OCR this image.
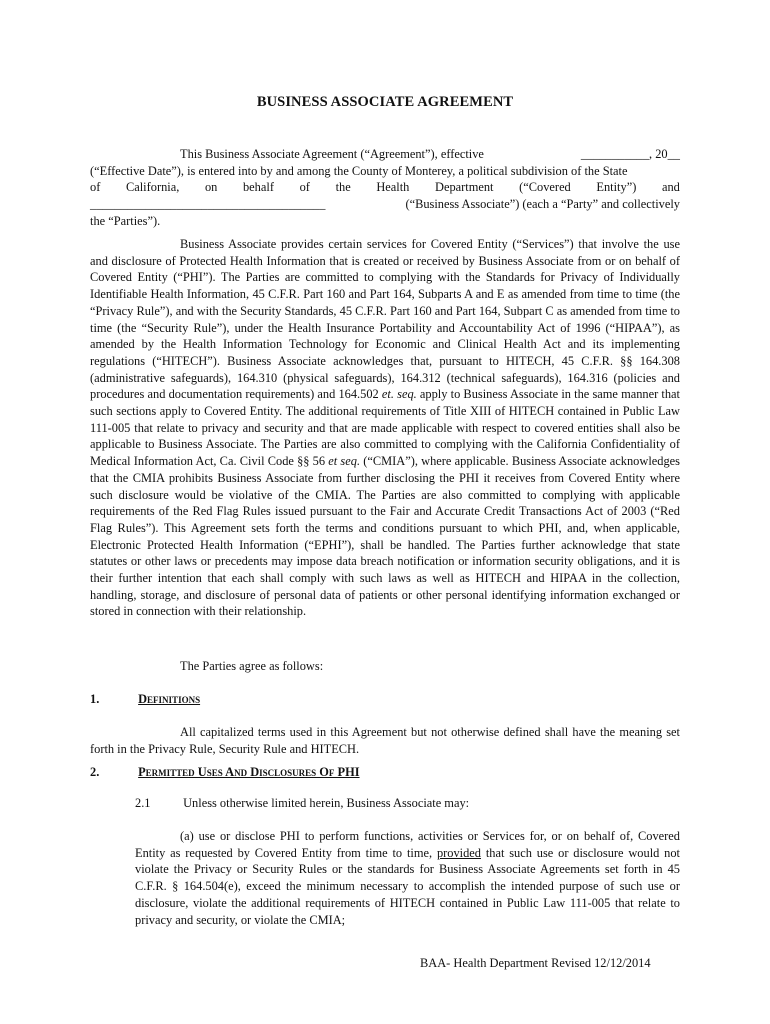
BUSINESS ASSOCIATE AGREEMENT
This Business Associate Agreement (“Agreement”), effective	___________, 20__
(“Effective Date”), is entered into by and among the County of Monterey, a political subdivision of the State
of California, on behalf of the Health Department (“Covered Entity”) and
______________________________________	(“Business Associate”) (each a “Party” and collectively
the “Parties”).
Business Associate provides certain services for Covered Entity (“Services”) that involve the use and disclosure of Protected Health Information that is created or received by Business Associate from or on behalf of Covered Entity (“PHI”). The Parties are committed to complying with the Standards for Privacy of Individually Identifiable Health Information, 45 C.F.R. Part 160 and Part 164, Subparts A and E as amended from time to time (the “Privacy Rule”), and with the Security Standards, 45 C.F.R. Part 160 and Part 164, Subpart C as amended from time to time (the “Security Rule”), under the Health Insurance Portability and Accountability Act of 1996 (“HIPAA”), as amended by the Health Information Technology for Economic and Clinical Health Act and its implementing regulations (“HITECH”). Business Associate acknowledges that, pursuant to HITECH, 45 C.F.R. §§ 164.308 (administrative safeguards), 164.310 (physical safeguards), 164.312 (technical safeguards), 164.316 (policies and procedures and documentation requirements) and 164.502 et. seq. apply to Business Associate in the same manner that such sections apply to Covered Entity. The additional requirements of Title XIII of HITECH contained in Public Law 111-005 that relate to privacy and security and that are made applicable with respect to covered entities shall also be applicable to Business Associate. The Parties are also committed to complying with the California Confidentiality of Medical Information Act, Ca. Civil Code §§ 56 et seq. (“CMIA”), where applicable. Business Associate acknowledges that the CMIA prohibits Business Associate from further disclosing the PHI it receives from Covered Entity where such disclosure would be violative of the CMIA. The Parties are also committed to complying with applicable requirements of the Red Flag Rules issued pursuant to the Fair and Accurate Credit Transactions Act of 2003 (“Red Flag Rules”). This Agreement sets forth the terms and conditions pursuant to which PHI, and, when applicable, Electronic Protected Health Information (“EPHI”), shall be handled. The Parties further acknowledge that state statutes or other laws or precedents may impose data breach notification or information security obligations, and it is their further intention that each shall comply with such laws as well as HITECH and HIPAA in the collection, handling, storage, and disclosure of personal data of patients or other personal identifying information exchanged or stored in connection with their relationship.
The Parties agree as follows:
1.	Definitions
All capitalized terms used in this Agreement but not otherwise defined shall have the meaning set forth in the Privacy Rule, Security Rule and HITECH.
2.	Permitted Uses And Disclosures Of PHI
2.1	Unless otherwise limited herein, Business Associate may:
(a) use or disclose PHI to perform functions, activities or Services for, or on behalf of, Covered Entity as requested by Covered Entity from time to time, provided that such use or disclosure would not violate the Privacy or Security Rules or the standards for Business Associate Agreements set forth in 45 C.F.R. § 164.504(e), exceed the minimum necessary to accomplish the intended purpose of such use or disclosure, violate the additional requirements of HITECH contained in Public Law 111-005 that relate to privacy and security, or violate the CMIA;
BAA- Health Department Revised 12/12/2014
